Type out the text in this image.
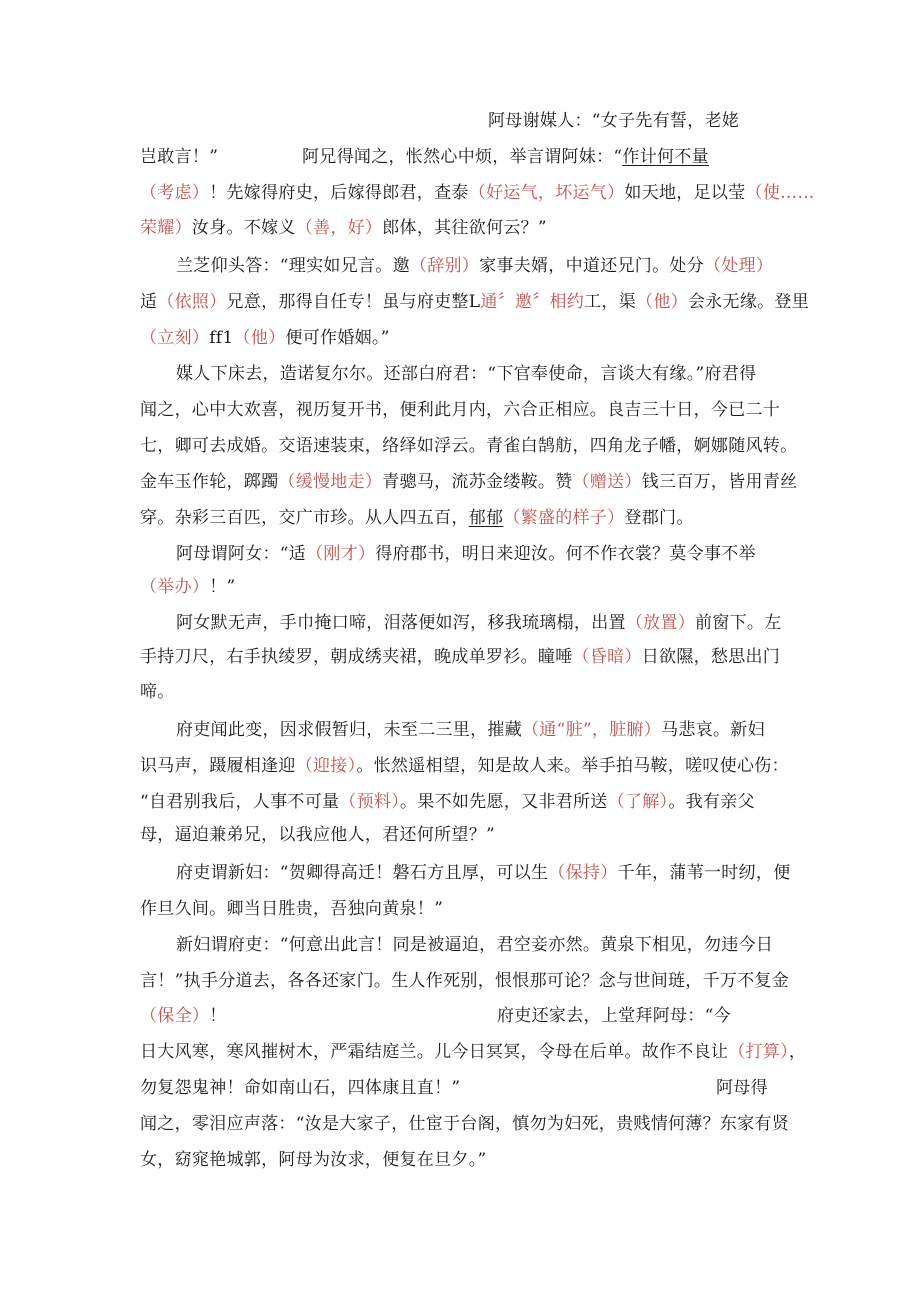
阿母谢媒人：“女子先有誓，老姥
岂敢言！”	阿兄得闻之，怅然心中烦，举言谓阿妹：“作计何不量
（考虑）！先嫁得府史，后嫁得郎君，查泰（好运气，坏运气）如天地，足以莹（使……
荣耀）汝身。不嫁义（善，好）郎体，其往欲何云？”
兰芝仰头答：“理实如兄言。邀（辞别）家事夫婿，中道还兄门。处分（处理）
适（依照）兄意，那得自任专！虽与府吏整L通〞邀〞相约工，渠（他）会永无缘。登里
（立刻）ff1（他）便可作婚姻。”
媒人下床去，造诺复尔尔。还部白府君：“下官奉使命，言谈大有缘。”府君得
闻之，心中大欢喜，视历复开书，便利此月内，六合正相应。良吉三十日，今已二十
七，卿可去成婚。交语速装束，络绎如浮云。青雀白鹄舫，四角龙子幡，婀娜随风转。
金车玉作轮，踯躅（缓慢地走）青骢马，流苏金缕鞍。赞（赠送）钱三百万，皆用青丝
穿。杂彩三百匹，交广市珍。从人四五百，郁郁（繁盛的样子）登郡门。
阿母谓阿女：“适（刚才）得府郡书，明日来迎汝。何不作衣裳？莫令事不举
（举办）！”
阿女默无声，手巾掩口啼，泪落便如泻，移我琉璃榻，出置（放置）前窗下。左
手持刀尺，右手执绫罗，朝成绣夹裙，晚成单罗衫。瞳唾（昏暗）日欲隰，愁思出门
啼。
府吏闻此变，因求假暂归，未至二三里，摧藏（通“脏”，脏腑）马悲哀。新妇
识马声，蹑履相逢迎（迎接）。怅然遥相望，知是故人来。举手拍马鞍，嗟叹使心伤：
“自君别我后，人事不可量（预料）。果不如先愿，又非君所送（了解）。我有亲父
母，逼迫兼弟兄，以我应他人，君还何所望？”
府吏谓新妇：“贺卿得高迁！磐石方且厚，可以生（保持）千年，蒲苇一时纫，便
作旦久间。卿当日胜贵，吾独向黄泉！”
新妇谓府吏：“何意出此言！同是被逼迫，君空妾亦然。黄泉下相见，勿违今日
言！”执手分道去，各各还家门。生人作死别，恨恨那可论？念与世间琏，千万不复金
（保全）！	府吏还家去，上堂拜阿母：“今
日大风寒，寒风摧树木，严霜结庭兰。儿今日冥冥，令母在后单。故作不良让（打算），
勿复怨鬼神！命如南山石，四体康且直！”	阿母得
闻之，零泪应声落：“汝是大家子，仕宦于台阁，慎勿为妇死，贵贱情何薄？东家有贤
女，窈窕艳城郭，阿母为汝求，便复在旦夕。”
